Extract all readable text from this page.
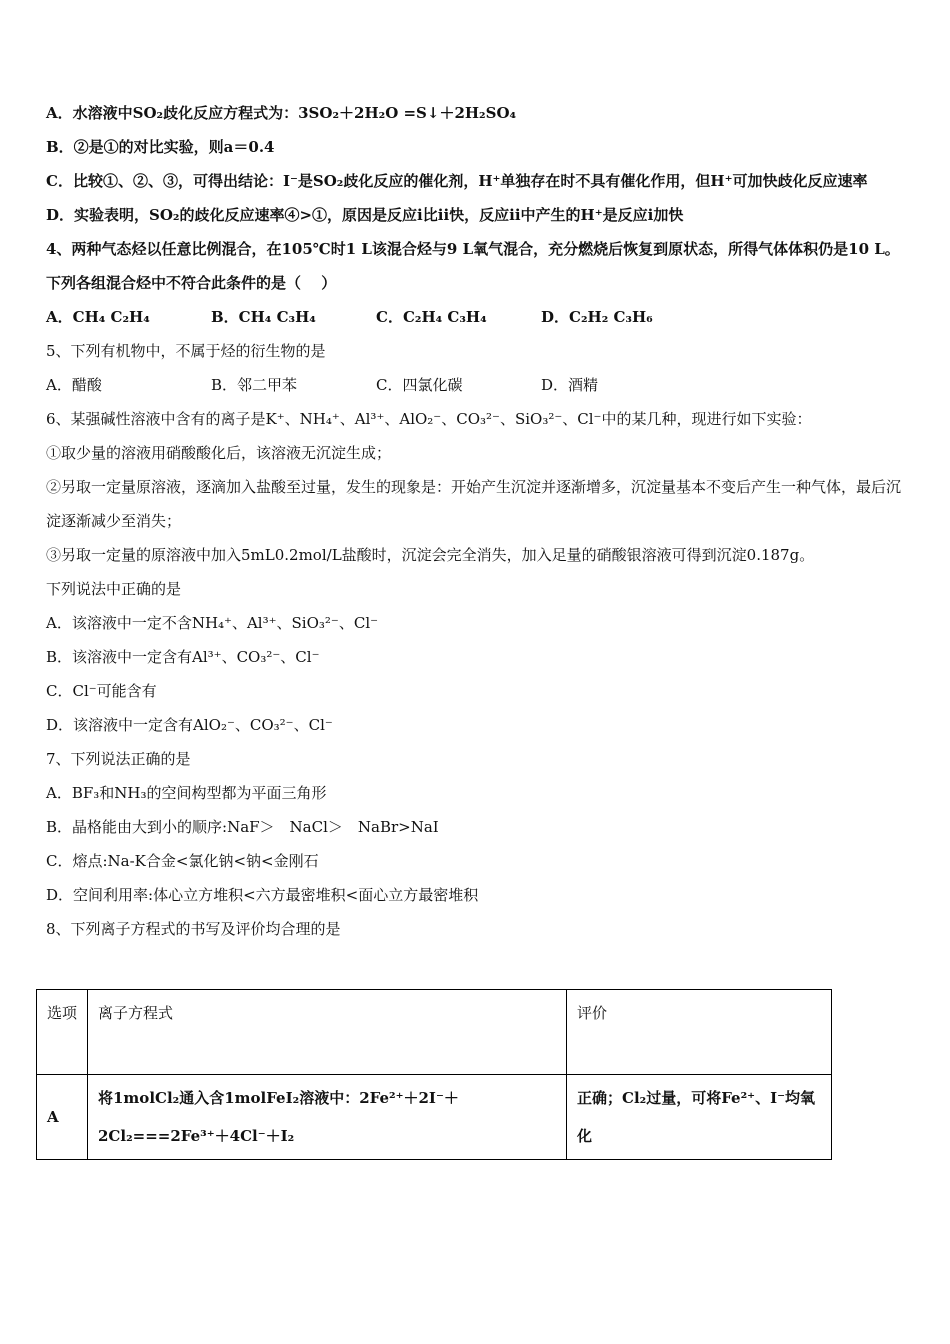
A．水溶液中SO₂歧化反应方程式为：3SO₂＋2H₂O =S↓＋2H₂SO₄
B．②是①的对比实验，则a＝0.4
C．比较①、②、③，可得出结论：I⁻是SO₂歧化反应的催化剂，H⁺单独存在时不具有催化作用，但H⁺可加快歧化反应速率
D．实验表明，SO₂的歧化反应速率④>①，原因是反应i比ii快，反应ii中产生的H⁺是反应i加快
4、两种气态烃以任意比例混合，在105℃时1 L该混合烃与9 L氧气混合，充分燃烧后恢复到原状态，所得气体体积仍是10 L。下列各组混合烃中不符合此条件的是（　 ）
A．CH₄ C₂H₄	B．CH₄ C₃H₄	C．C₂H₄ C₃H₄	D．C₂H₂ C₃H₆
5、下列有机物中，不属于烃的衍生物的是
A．醋酸	B．邻二甲苯	C．四氯化碳	D．酒精
6、某强碱性溶液中含有的离子是K⁺、NH₄⁺、Al³⁺、AlO₂⁻、CO₃²⁻、SiO₃²⁻、Cl⁻中的某几种，现进行如下实验：
①取少量的溶液用硝酸酸化后，该溶液无沉淀生成；
②另取一定量原溶液，逐滴加入盐酸至过量，发生的现象是：开始产生沉淀并逐渐增多，沉淀量基本不变后产生一种气体，最后沉淀逐渐减少至消失；
③另取一定量的原溶液中加入5mL0.2mol/L盐酸时，沉淀会完全消失，加入足量的硝酸银溶液可得到沉淀0.187g。
下列说法中正确的是
A．该溶液中一定不含NH₄⁺、Al³⁺、SiO₃²⁻、Cl⁻
B．该溶液中一定含有Al³⁺、CO₃²⁻、Cl⁻
C．Cl⁻可能含有
D．该溶液中一定含有AlO₂⁻、CO₃²⁻、Cl⁻
7、下列说法正确的是
A．BF₃和NH₃的空间构型都为平面三角形
B．晶格能由大到小的顺序:NaF＞　NaCl＞　NaBr>NaI
C．熔点:Na-K合金<氯化钠<钠<金刚石
D．空间利用率:体心立方堆积<六方最密堆积<面心立方最密堆积
8、下列离子方程式的书写及评价均合理的是
选项	离子方程式	评价
A	将1molCl₂通入含1molFeI₂溶液中：2Fe²⁺＋2I⁻＋2Cl₂===2Fe³⁺＋4Cl⁻＋I₂	正确；Cl₂过量，可将Fe²⁺、I⁻均氧化
